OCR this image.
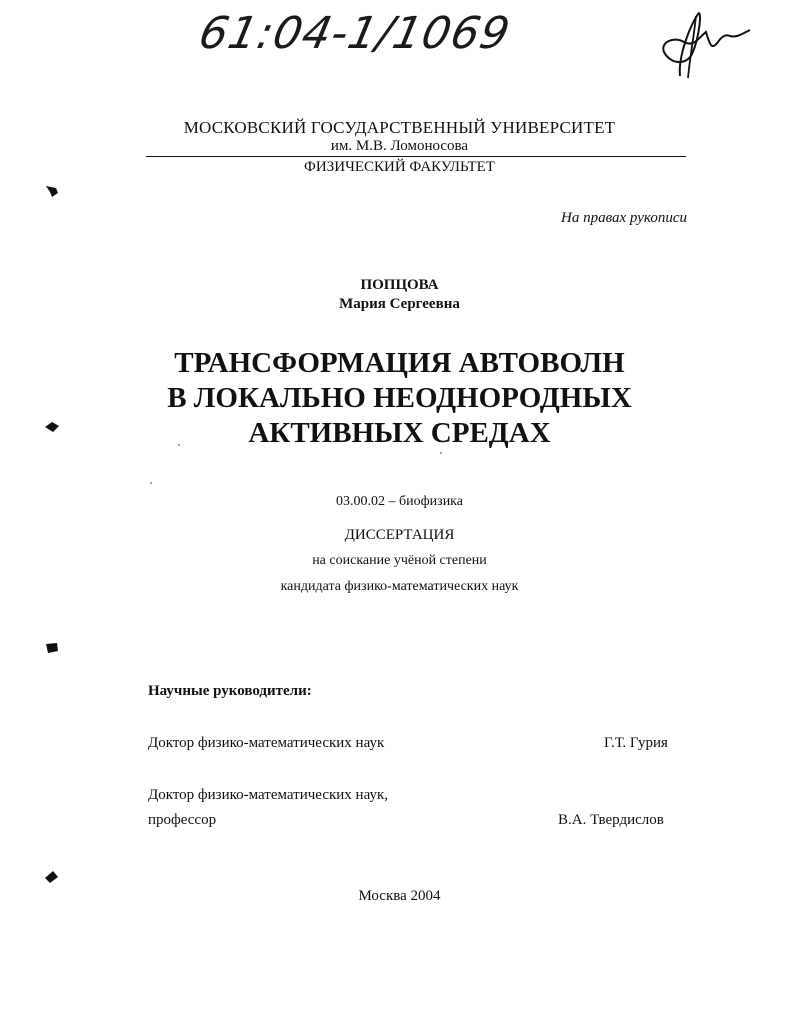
61:04-1/1069
МОСКОВСКИЙ ГОСУДАРСТВЕННЫЙ УНИВЕРСИТЕТ
им. М.В. Ломоносова
ФИЗИЧЕСКИЙ ФАКУЛЬТЕТ
На правах рукописи
ПОПЦОВА
Мария Сергеевна
ТРАНСФОРМАЦИЯ АВТОВОЛН
В ЛОКАЛЬНО НЕОДНОРОДНЫХ
АКТИВНЫХ СРЕДАХ
03.00.02 – биофизика
ДИССЕРТАЦИЯ
на соискание учёной степени
кандидата физико-математических наук
Научные руководители:
Доктор физико-математических наук	Г.Т. Гурия
Доктор физико-математических наук,
профессор	В.А. Твердислов
Москва 2004
